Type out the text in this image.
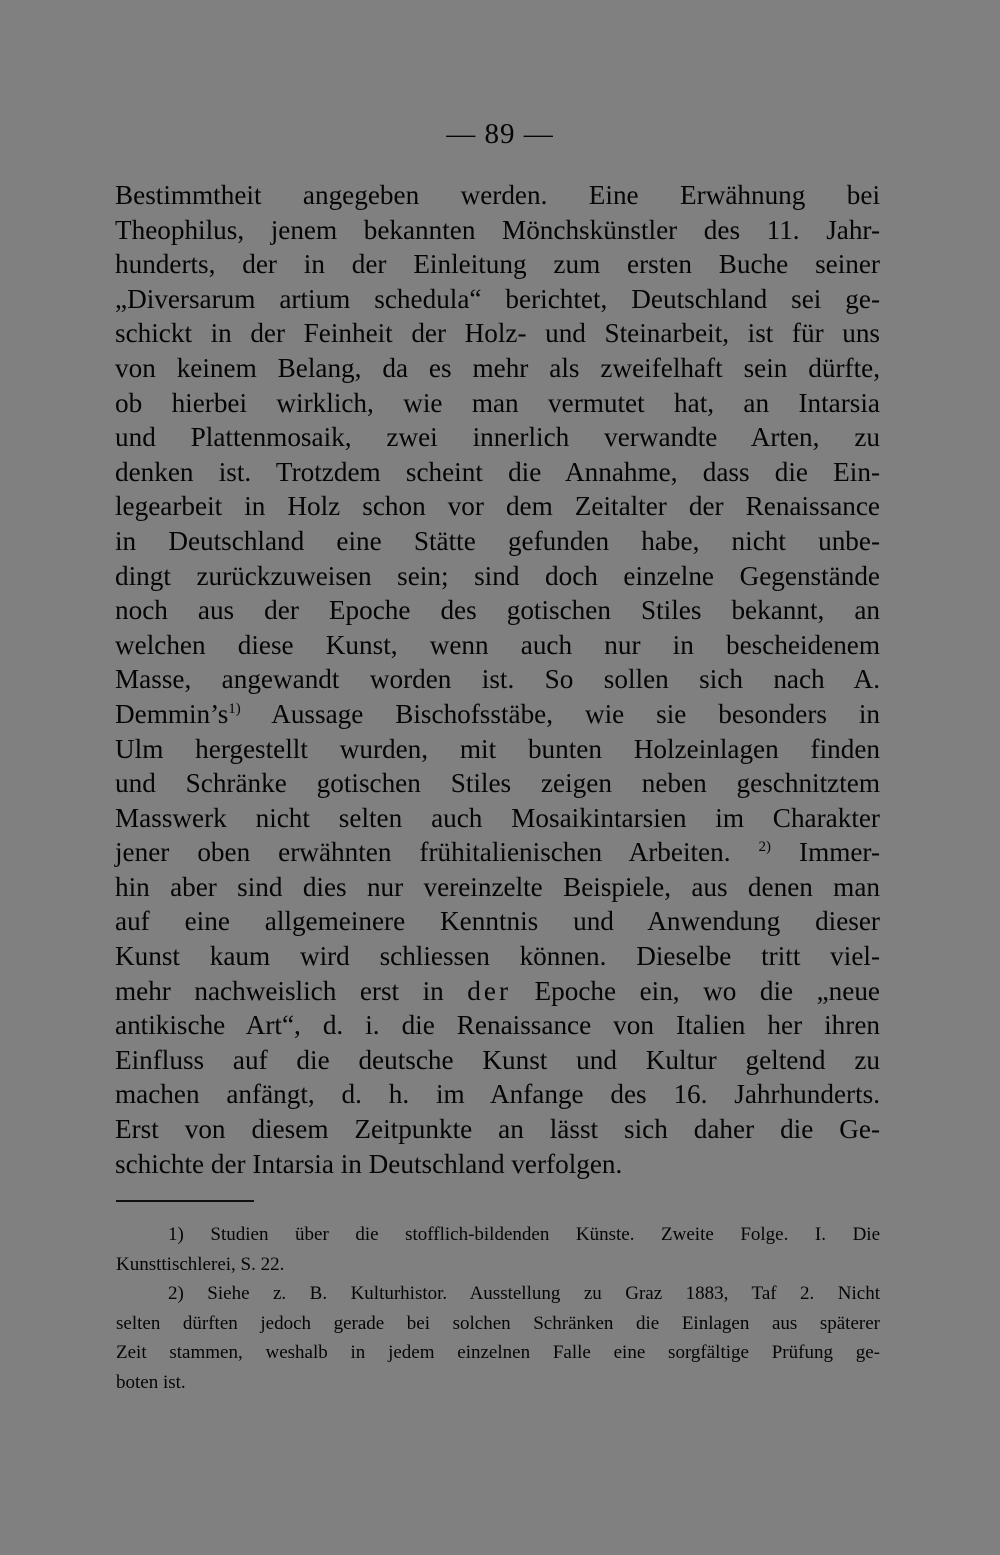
— 89 —

Bestimmtheit angegeben werden. Eine Erwähnung bei
Theophilus, jenem bekannten Mönchskünstler des 11. Jahr-
hunderts, der in der Einleitung zum ersten Buche seiner
„Diversarum artium schedula“ berichtet, Deutschland sei ge-
schickt in der Feinheit der Holz- und Steinarbeit, ist für uns
von keinem Belang, da es mehr als zweifelhaft sein dürfte,
ob hierbei wirklich, wie man vermutet hat, an Intarsia
und Plattenmosaik, zwei innerlich verwandte Arten, zu
denken ist. Trotzdem scheint die Annahme, dass die Ein-
legearbeit in Holz schon vor dem Zeitalter der Renaissance
in Deutschland eine Stätte gefunden habe, nicht unbe-
dingt zurückzuweisen sein; sind doch einzelne Gegenstände
noch aus der Epoche des gotischen Stiles bekannt, an
welchen diese Kunst, wenn auch nur in bescheidenem
Masse, angewandt worden ist. So sollen sich nach A.
$Demmin’s^{1)}$ Aussage Bischofsstäbe, wie sie besonders in
Ulm hergestellt wurden, mit bunten Holzeinlagen finden
und Schränke gotischen Stiles zeigen neben geschnitztem
Masswerk nicht selten auch Mosaikintarsien im Charakter
jener oben erwähnten frühitalienischen Arbeiten. $^{2)}$ Immer-
hin aber sind dies nur vereinzelte Beispiele, aus denen man
auf eine allgemeinere Kenntnis und Anwendung dieser
Kunst kaum wird schliessen können. Dieselbe tritt viel-
mehr nachweislich erst in der Epoche ein, wo die „neue
antikische Art“, d. i. die Renaissance von Italien her ihren
Einfluss auf die deutsche Kunst und Kultur geltend zu
machen anfängt, d. h. im Anfange des 16. Jahrhunderts.
Erst von diesem Zeitpunkte an lässt sich daher die Ge-
schichte der Intarsia in Deutschland verfolgen.
1) Studien über die stofflich-bildenden Künste. Zweite Folge. I. Die
Kunsttischlerei, S. 22.
2) Siehe z. B. Kulturhistor. Ausstellung zu Graz 1883, Taf 2. Nicht
selten dürften jedoch gerade bei solchen Schränken die Einlagen aus späterer
Zeit stammen, weshalb in jedem einzelnen Falle eine sorgfältige Prüfung ge-
boten ist.
